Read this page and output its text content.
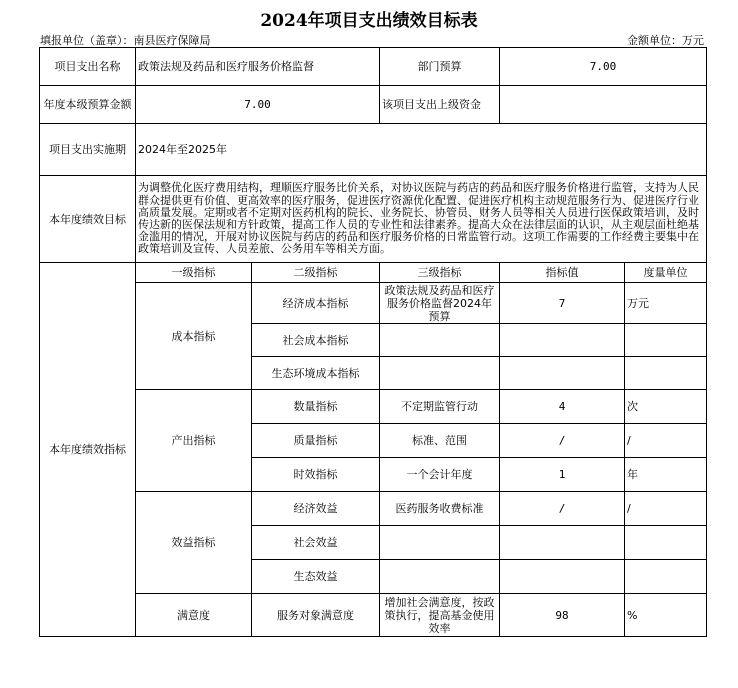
2024年项目支出绩效目标表
填报单位（盖章）：南县医疗保障局	金额单位：万元
项目支出名称	政策法规及药品和医疗服务价格监督		部门预算	7.00	
年度本级预算金额	7.00		该项目支出上级资金		
项目支出实施期	2024年至2025年				
本年度绩效目标	为调整优化医疗费用结构，理顺医疗服务比价关系，对协议医院与药店的药品和医疗服务价格进行监管，支持为人民群众提供更有价值、更高效率的医疗服务，促进医疗资源优化配置、促进医疗机构主动规范服务行为、促进医疗行业高质量发展。定期或者不定期对医药机构的院长、业务院长、协管员、财务人员等相关人员进行医保政策培训，及时传达新的医保法规和方针政策，提高工作人员的专业性和法律素养。提高大众在法律层面的认识，从主观层面杜绝基金滥用的情况，开展对协议医院与药店的药品和医疗服务价格的日常监管行动。这项工作需要的工作经费主要集中在政策培训及宣传、人员差旅、公务用车等相关方面。				
本年度绩效指标	一级指标	二级指标	三级指标	指标值	度量单位
	成本指标	经济成本指标	政策法规及药品和医疗服务价格监督2024年预算	7	万元
		社会成本指标			
		生态环境成本指标			
	产出指标	数量指标	不定期监管行动	4	次
		质量指标	标准、范围	/	/
		时效指标	一个会计年度	1	年
	效益指标	经济效益	医药服务收费标准	/	/
		社会效益			
		生态效益			
	满意度	服务对象满意度	增加社会满意度，按政策执行，提高基金使用效率	98	%
